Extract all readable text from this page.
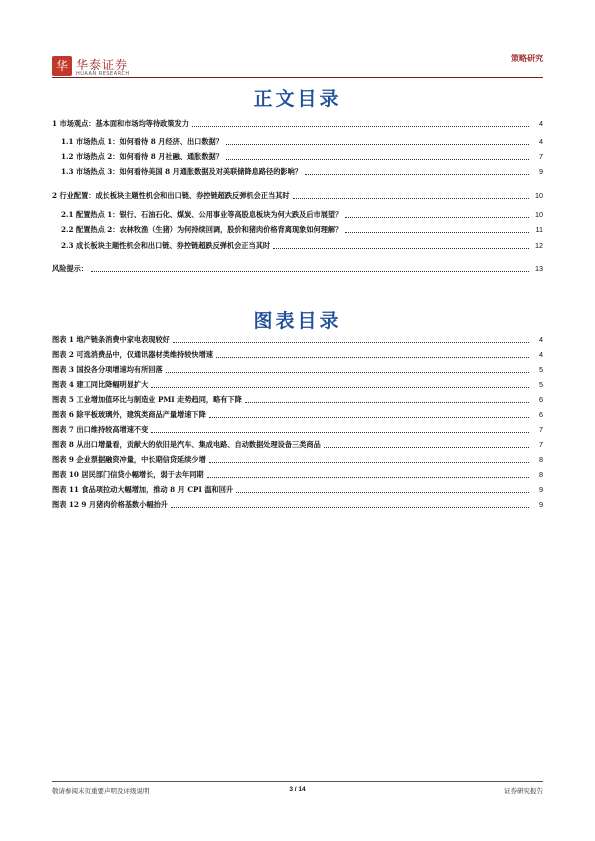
华 华泰证券
HUAAN RESEARCH
策略研究
正文目录
1 市场观点：基本面和市场均等待政策发力	4
1.1 市场热点 1：如何看待 8 月经济、出口数据？	4
1.2 市场热点 2：如何看待 8 月社融、通胀数据？	7
1.3 市场热点 3：如何看待美国 8 月通胀数据及对美联储降息路径的影响？	9
2 行业配置：成长板块主题性机会和出口链、券控链超跌反弹机会正当其时	10
2.1 配置热点 1：银行、石油石化、煤炭、公用事业等高股息板块为何大跌及后市展望？	10
2.2 配置热点 2：农林牧渔（生猪）为何持续回调，股价和猪肉价格背离现象如何理解？	11
2.3 成长板块主题性机会和出口链、券控链超跌反弹机会正当其时	12
风险提示：	13
图表目录
图表 1 地产链条消费中家电表现较好	4
图表 2 可选消费品中，仅通讯器材类维持较快增速	4
图表 3 国投各分项增速均有所回落	5
图表 4 建工同比降幅明显扩大	5
图表 5 工业增加值环比与制造业 PMI 走势趋同，略有下降	6
图表 6 除平板玻璃外，建筑类商品产量增速下降	6
图表 7 出口维持较高增速不变	7
图表 8 从出口增量看，贡献大的依旧是汽车、集成电路、自动数据处理设备三类商品	7
图表 9 企业票据融资冲量，中长期信贷延续少增	8
图表 10 居民部门信贷小幅增长，弱于去年同期	8
图表 11 食品项拉动大幅增加，推动 8 月 CPI 温和回升	9
图表 12 9 月猪肉价格基数小幅抬升	9
敬请参阅末页重要声明及评级说明	3 / 14	证券研究报告
